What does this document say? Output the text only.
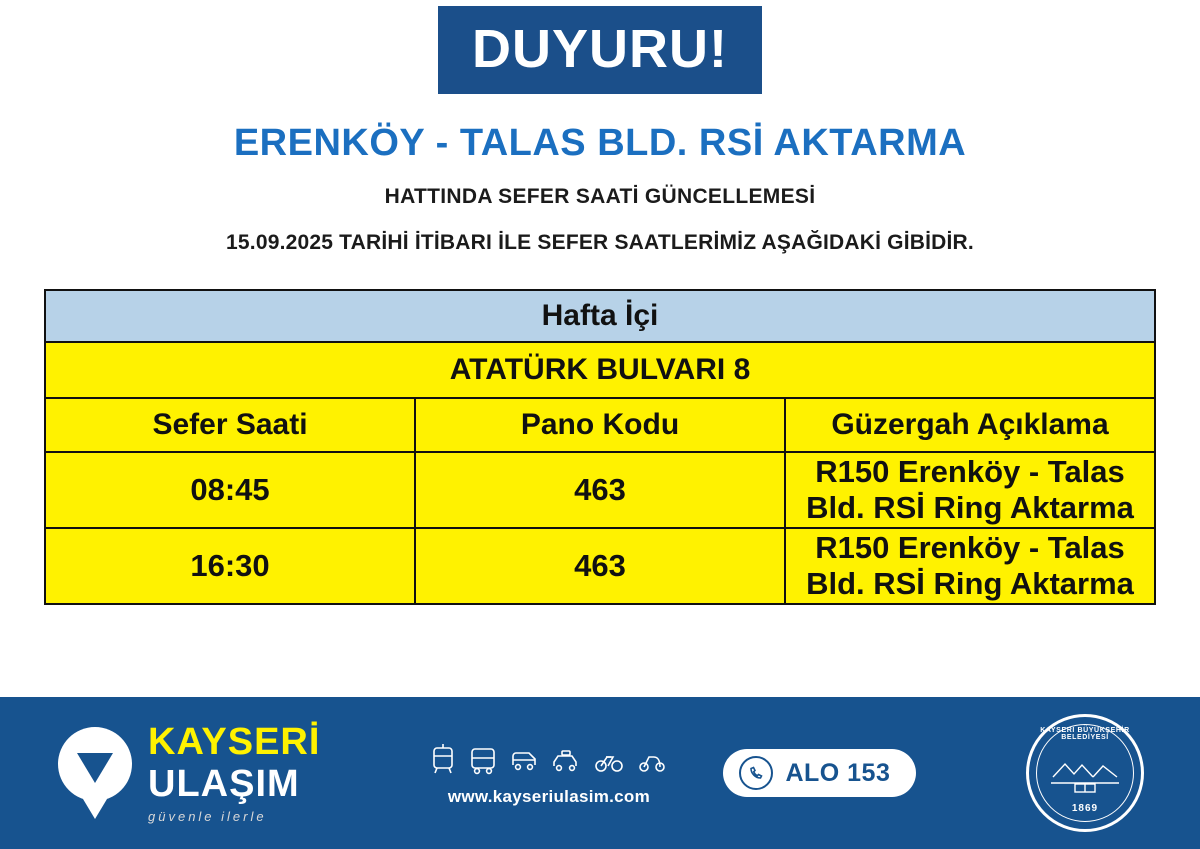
DUYURU!
ERENKÖY - TALAS BLD. RSİ AKTARMA
HATTINDA SEFER SAATİ GÜNCELLEMESİ
15.09.2025 TARİHİ İTİBARI İLE SEFER SAATLERİMİZ AŞAĞIDAKİ GİBİDİR.
Hafta İçi		
ATATÜRK BULVARI 8		
Sefer Saati	Pano Kodu	Güzergah Açıklama
08:45	463	R150 Erenköy - Talas Bld. RSİ Ring Aktarma
16:30	463	R150 Erenköy - Talas Bld. RSİ Ring Aktarma
KAYSERİ
ULAŞIM
güvenle ilerle
www.kayseriulasim.com
ALO 153
KAYSERİ BÜYÜKŞEHİR BELEDİYESİ
1869
